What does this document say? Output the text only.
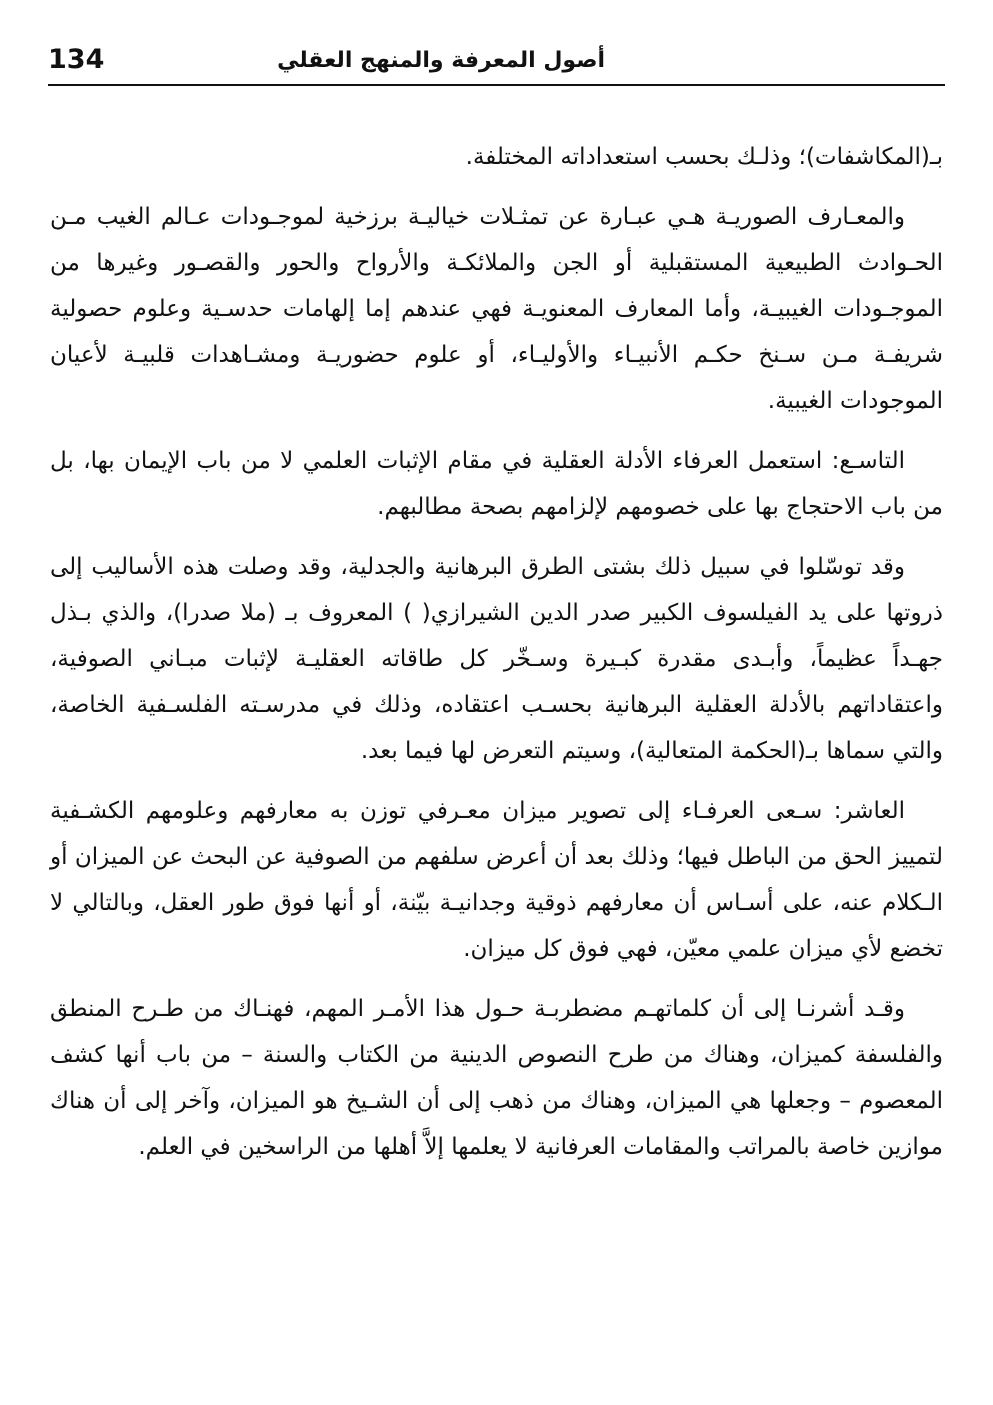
134	أصول المعرفة والمنهج العقلي

بـ(المكاشفات)؛ وذلـك بحسب استعداداته المختلفة.

والمعـارف الصوريـة هـي عبـارة عن تمثـلات خياليـة برزخية لموجـودات عـالم الغيب مـن الحـوادث الطبيعية المستقبلية أو الجن والملائكـة والأرواح والحور والقصـور وغيرها من الموجـودات الغيبيـة، وأما المعارف المعنويـة فهي عندهم إما إلهامات حدسـية وعلوم حصولية شريفـة مـن سـنخ حكـم الأنبيـاء والأوليـاء، أو علوم حضوريـة ومشـاهدات قلبيـة لأعيان الموجودات الغيبية.

التاسـع: استعمل العرفاء الأدلة العقلية في مقام الإثبات العلمي لا من باب الإيمان بها، بل من باب الاحتجاج بها على خصومهم لإلزامهم بصحة مطالبهم.

وقد توسّلوا في سبيل ذلك بشتى الطرق البرهانية والجدلية، وقد وصلت هذه الأساليب إلى ذروتها على يد الفيلسوف الكبير صدر الدين الشيرازي( ) المعروف بـ (ملا صدرا)، والذي بـذل جهـداً عظيماً، وأبـدى مقدرة كبـيرة وسـخّر كل طاقاته العقليـة لإثبات مبـاني الصوفية، واعتقاداتهم بالأدلة العقلية البرهانية بحسـب اعتقاده، وذلك في مدرسـته الفلسـفية الخاصة، والتي سماها بـ(الحكمة المتعالية)، وسيتم التعرض لها فيما بعد.

العاشر: سـعى العرفـاء إلى تصوير ميزان معـرفي توزن به معارفهم وعلومهم الكشـفية لتمييز الحق من الباطل فيها؛ وذلك بعد أن أعرض سلفهم من الصوفية عن البحث عن الميزان أو الـكلام عنه، على أسـاس أن معارفهم ذوقية وجدانيـة بيّنة، أو أنها فوق طور العقل، وبالتالي لا تخضع لأي ميزان علمي معيّن، فهي فوق كل ميزان.

وقـد أشرنـا إلى أن كلماتهـم مضطربـة حـول هذا الأمـر المهم، فهنـاك من طـرح المنطق والفلسفة كميزان، وهناك من طرح النصوص الدينية من الكتاب والسنة – من باب أنها كشف المعصوم – وجعلها هي الميزان، وهناك من ذهب إلى أن الشـيخ هو الميزان، وآخر إلى أن هناك موازين خاصة بالمراتب والمقامات العرفانية لا يعلمها إلاَّ أهلها من الراسخين في العلم.
